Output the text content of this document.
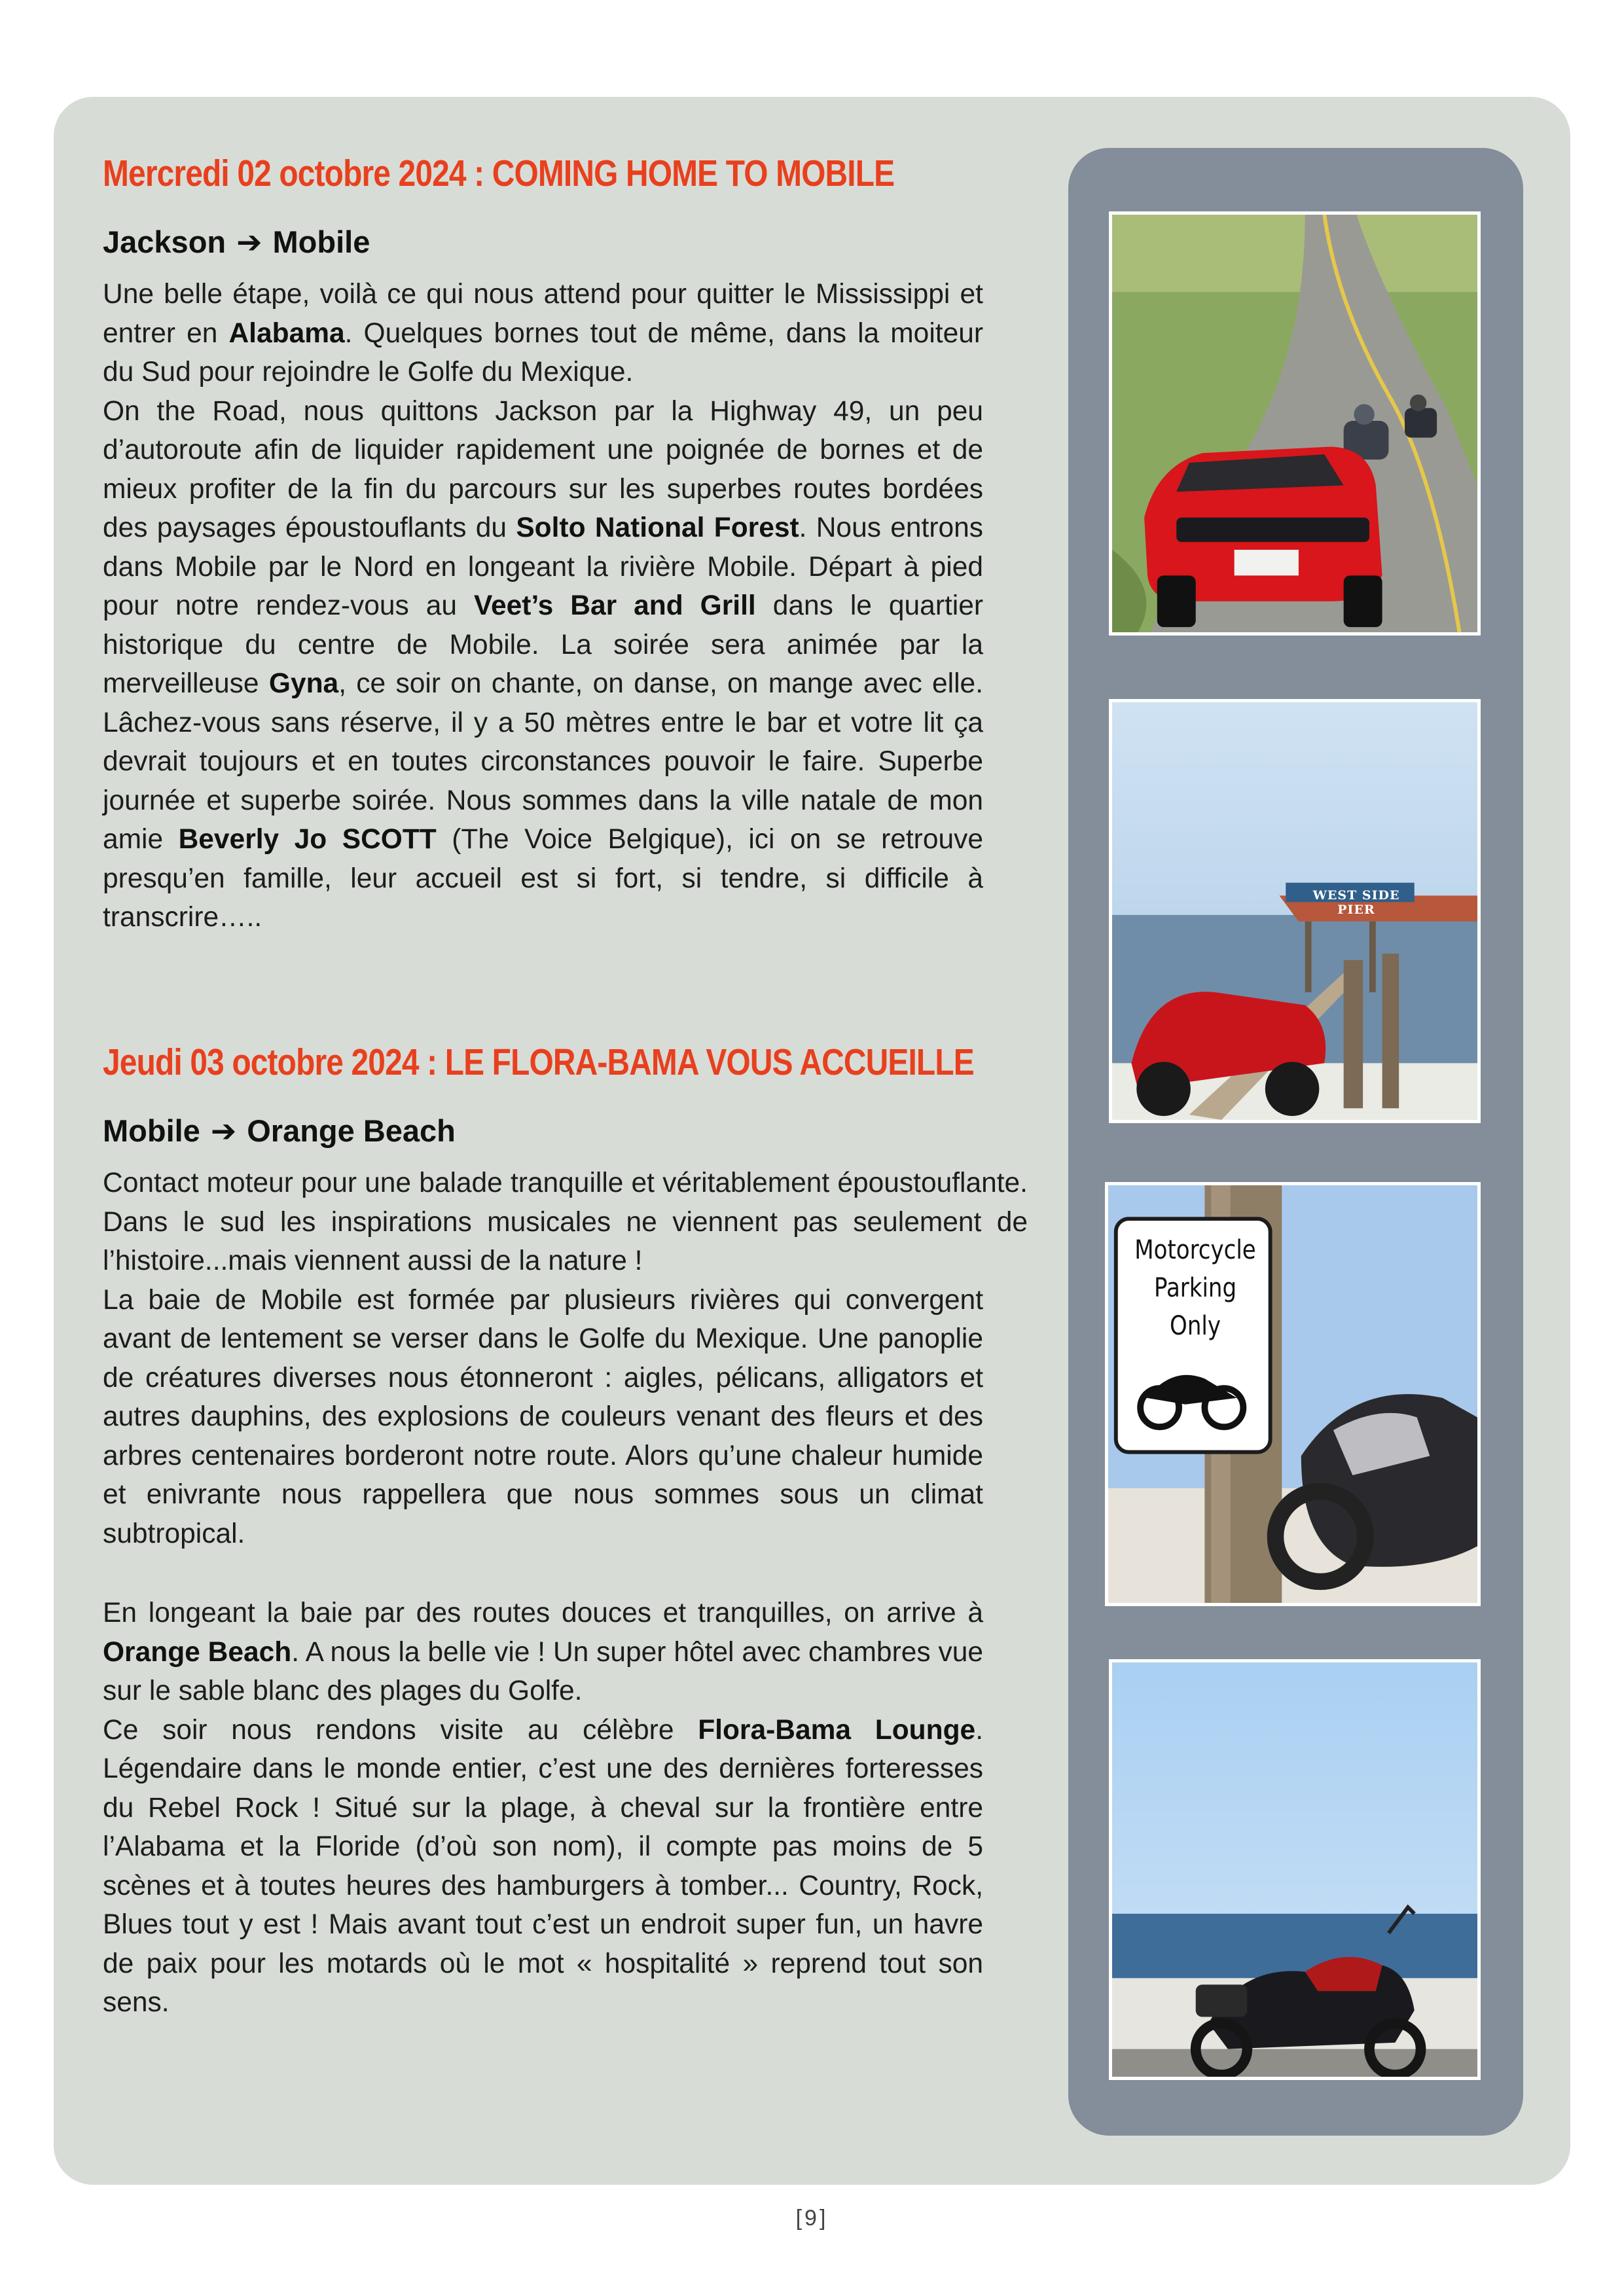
Mercredi 02 octobre 2024 : COMING HOME TO MOBILE
Jackson ➔ Mobile

Une belle étape, voilà ce qui nous attend pour quitter le Mississippi et entrer en Alabama. Quelques bornes tout de même, dans la moiteur du Sud pour rejoindre le Golfe du Mexique.

On the Road, nous quittons Jackson par la Highway 49, un peu d’autoroute afin de liquider rapidement une poignée de bornes et de mieux profiter de la fin du parcours sur les superbes routes bordées des paysages époustouflants du Solto National Forest. Nous entrons dans Mobile par le Nord en longeant la rivière Mobile. Départ à pied pour notre rendez-vous au Veet’s Bar and Grill dans le quartier historique du centre de Mobile. La soirée sera animée par la merveilleuse Gyna, ce soir on chante, on danse, on mange avec elle. Lâchez-vous sans réserve, il y a 50 mètres entre le bar et votre lit ça devrait toujours et en toutes circonstances pouvoir le faire. Superbe journée et superbe soirée. Nous sommes dans la ville natale de mon amie Beverly Jo SCOTT (The Voice Belgique), ici on se retrouve presqu’en famille, leur accueil est si fort, si tendre, si difficile à transcrire…..

Jeudi 03 octobre 2024 : LE FLORA-BAMA VOUS ACCUEILLE
Mobile ➔ Orange Beach

Contact moteur pour une balade tranquille et véritablement époustouflante. Dans le sud les inspirations musicales ne viennent pas seulement de l’histoire...mais viennent aussi de la nature !

La baie de Mobile est formée par plusieurs rivières qui convergent avant de lentement se verser dans le Golfe du Mexique. Une panoplie de créatures diverses nous étonneront : aigles, pélicans, alligators et autres dauphins, des explosions de couleurs venant des fleurs et des arbres centenaires borderont notre route. Alors qu’une chaleur humide et enivrante nous rappellera que nous sommes sous un climat subtropical.

En longeant la baie par des routes douces et tranquilles, on arrive à Orange Beach. A nous la belle vie ! Un super hôtel avec chambres vue sur le sable blanc des plages du Golfe.

Ce soir nous rendons visite au célèbre Flora-Bama Lounge. Légendaire dans le monde entier, c’est une des dernières forteresses du Rebel Rock ! Situé sur la plage, à cheval sur la frontière entre l’Alabama et la Floride (d’où son nom), il compte pas moins de 5 scènes et à toutes heures des hamburgers à tomber... Country, Rock, Blues tout y est ! Mais avant tout c’est un endroit super fun, un havre de paix pour les motards où le mot « hospitalité » reprend tout son sens.

WEST SIDE PIER
Motorcycle
Parking
Only
[9]
